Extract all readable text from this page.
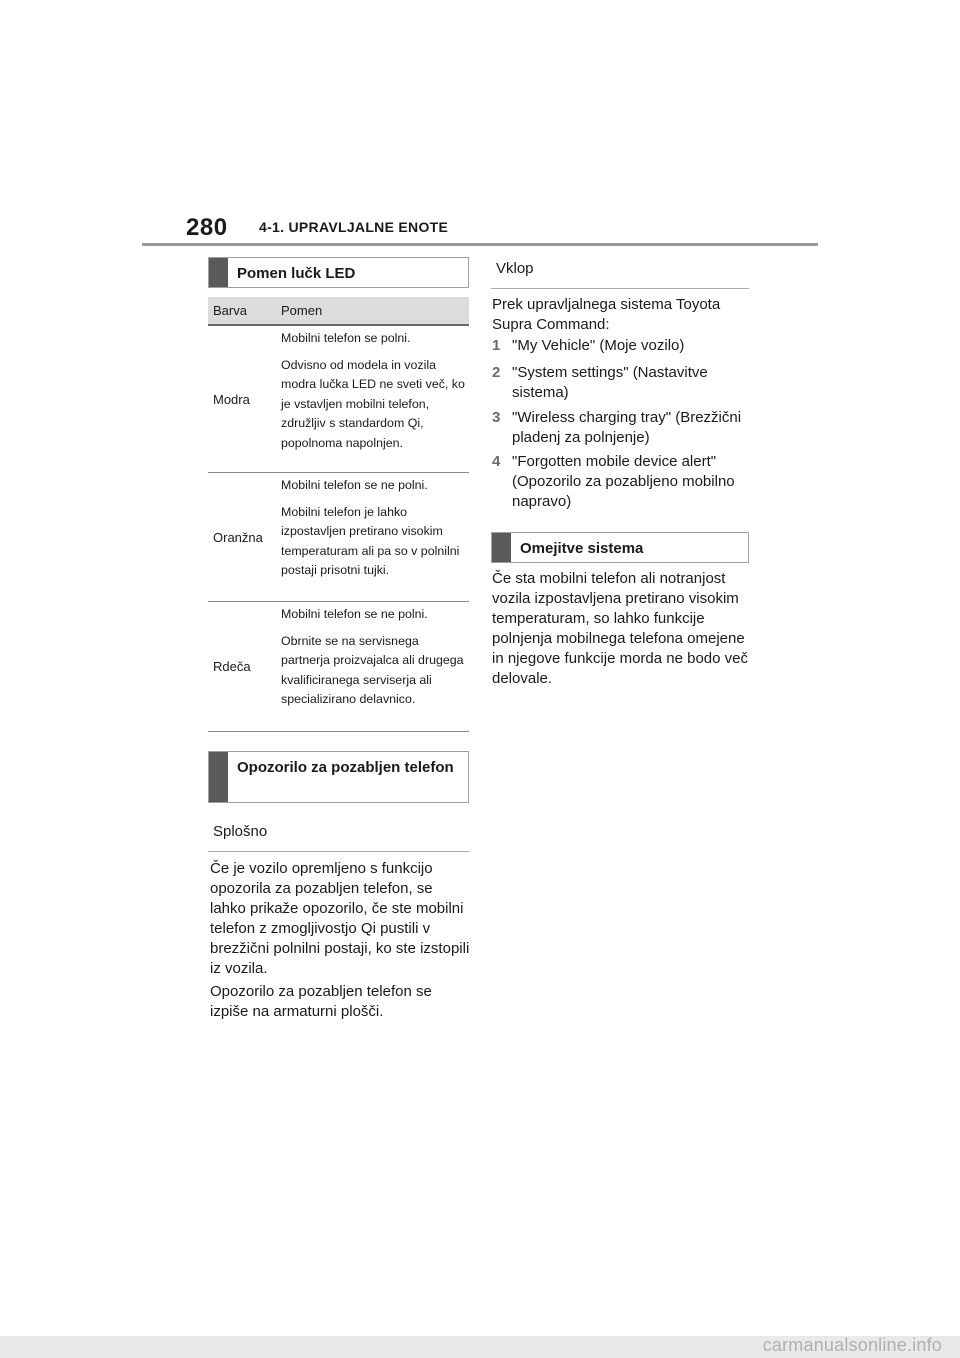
280 4-1. UPRAVLJALNE ENOTE
Pomen lučk LED
Barva	Pomen
Modra
Mobilni telefon se polni.
Odvisno od modela in vozila modra lučka LED ne sveti več, ko je vstavljen mobilni telefon, združljiv s standardom Qi, popolnoma napolnjen.
Oranžna
Mobilni telefon se ne polni.
Mobilni telefon je lahko izpostavljen pretirano visokim temperaturam ali pa so v polnilni postaji prisotni tujki.
Rdeča
Mobilni telefon se ne polni.
Obrnite se na servisnega partnerja proizvajalca ali drugega kvalificiranega serviserja ali specializirano delavnico.
Opozorilo za pozabljen telefon
Splošno
Če je vozilo opremljeno s funkcijo opozorila za pozabljen telefon, se lahko prikaže opozorilo, če ste mobilni telefon z zmogljivostjo Qi pustili v brezžični polnilni postaji, ko ste izstopili iz vozila.
Opozorilo za pozabljen telefon se izpiše na armaturni plošči.
Vklop
Prek upravljalnega sistema Toyota Supra Command:
1 "My Vehicle" (Moje vozilo)
2 "System settings" (Nastavitve sistema)
3 "Wireless charging tray" (Brezžični pladenj za polnjenje)
4 "Forgotten mobile device alert" (Opozorilo za pozabljeno mobilno napravo)
Omejitve sistema
Če sta mobilni telefon ali notranjost vozila izpostavljena pretirano visokim temperaturam, so lahko funkcije polnjenja mobilnega telefona omejene in njegove funkcije morda ne bodo več delovale.
carmanualsonline.info
